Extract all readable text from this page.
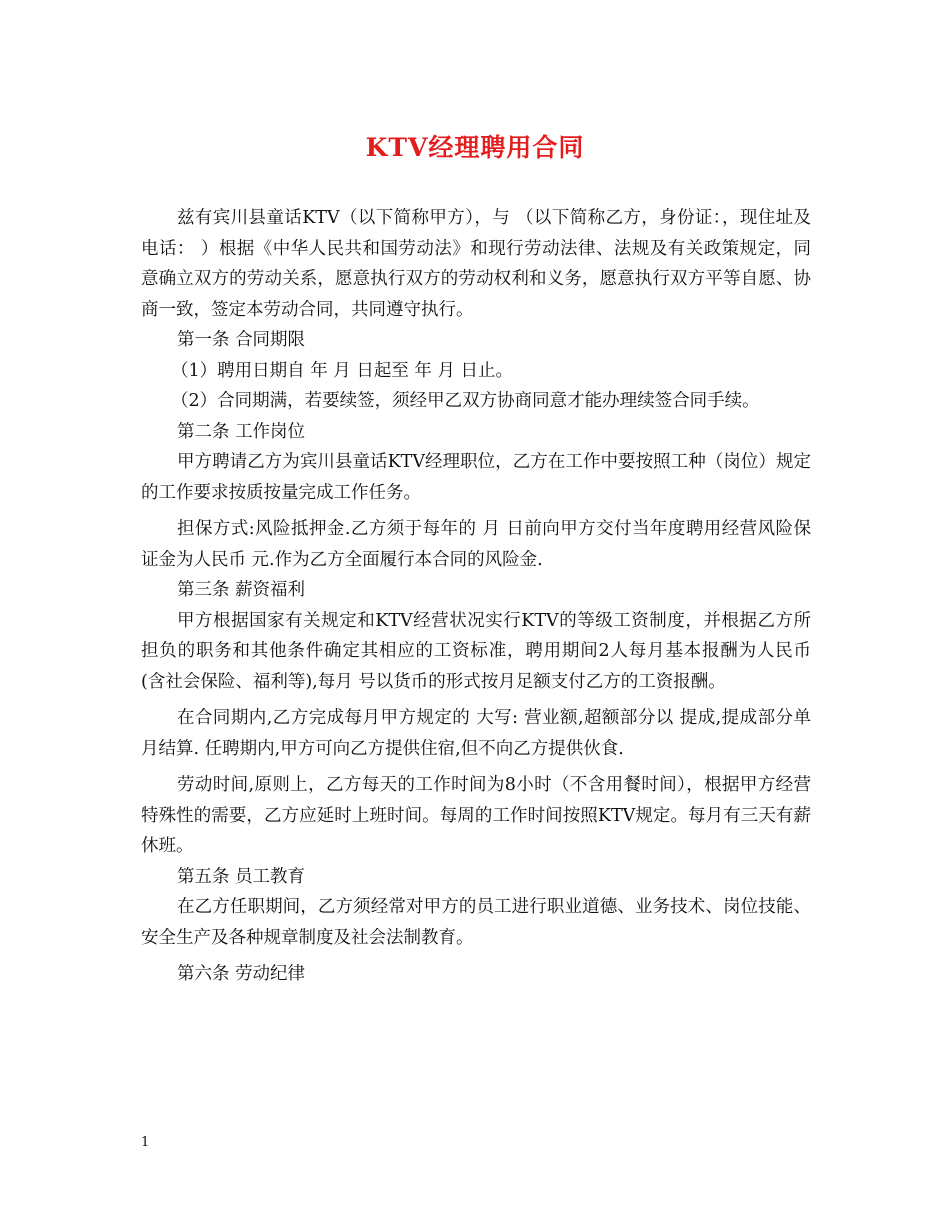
KTV经理聘用合同

兹有宾川县童话KTV（以下简称甲方），与 （以下简称乙方，身份证：，现住址及电话： ）根据《中华人民共和国劳动法》和现行劳动法律、法规及有关政策规定，同意确立双方的劳动关系，愿意执行双方的劳动权利和义务，愿意执行双方平等自愿、协商一致，签定本劳动合同，共同遵守执行。

第一条 合同期限

（1）聘用日期自 年 月 日起至 年 月 日止。

（2）合同期满，若要续签，须经甲乙双方协商同意才能办理续签合同手续。

第二条 工作岗位

甲方聘请乙方为宾川县童话KTV经理职位，乙方在工作中要按照工种（岗位）规定的工作要求按质按量完成工作任务。

担保方式:风险抵押金.乙方须于每年的 月 日前向甲方交付当年度聘用经营风险保证金为人民币 元.作为乙方全面履行本合同的风险金.

第三条 薪资福利

甲方根据国家有关规定和KTV经营状况实行KTV的等级工资制度，并根据乙方所担负的职务和其他条件确定其相应的工资标准，聘用期间2人每月基本报酬为人民币 (含社会保险、福利等),每月 号以货币的形式按月足额支付乙方的工资报酬。

在合同期内,乙方完成每月甲方规定的 大写: 营业额,超额部分以 提成,提成部分单月结算. 任聘期内,甲方可向乙方提供住宿,但不向乙方提供伙食.

劳动时间,原则上，乙方每天的工作时间为8小时（不含用餐时间），根据甲方经营特殊性的需要，乙方应延时上班时间。每周的工作时间按照KTV规定。每月有三天有薪休班。

第五条 员工教育

在乙方任职期间，乙方须经常对甲方的员工进行职业道德、业务技术、岗位技能、安全生产及各种规章制度及社会法制教育。

第六条 劳动纪律

1
